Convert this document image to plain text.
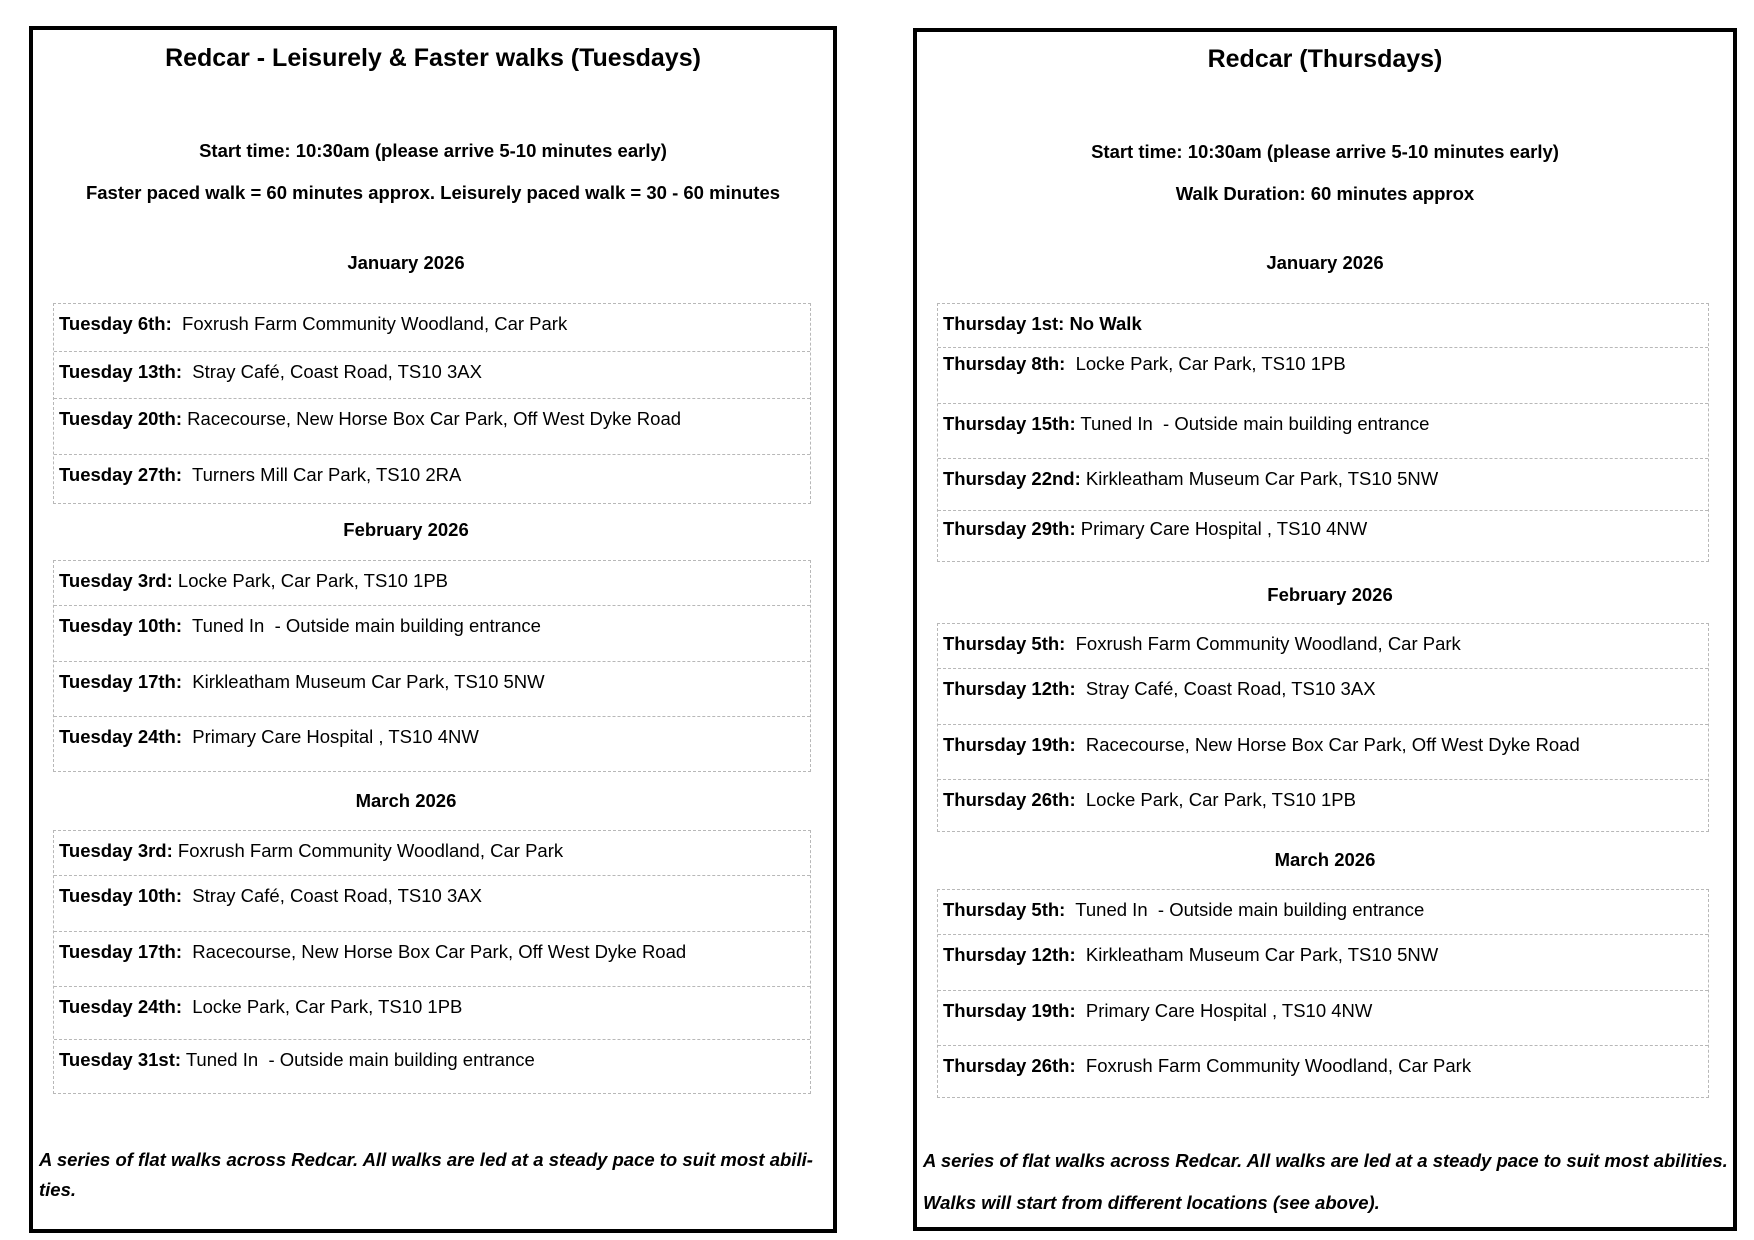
Redcar - Leisurely & Faster walks (Tuesdays)
Start time: 10:30am (please arrive 5-10 minutes early)
Faster paced walk = 60 minutes approx. Leisurely paced walk = 30 - 60 minutes
January 2026
Tuesday 6th:  Foxrush Farm Community Woodland, Car Park
Tuesday 13th:  Stray Café, Coast Road, TS10 3AX
Tuesday 20th: Racecourse, New Horse Box Car Park, Off West Dyke Road
Tuesday 27th:  Turners Mill Car Park, TS10 2RA
February 2026
Tuesday 3rd: Locke Park, Car Park, TS10 1PB
Tuesday 10th:  Tuned In  - Outside main building entrance
Tuesday 17th:  Kirkleatham Museum Car Park, TS10 5NW
Tuesday 24th:  Primary Care Hospital , TS10 4NW
March 2026
Tuesday 3rd: Foxrush Farm Community Woodland, Car Park
Tuesday 10th:  Stray Café, Coast Road, TS10 3AX
Tuesday 17th:  Racecourse, New Horse Box Car Park, Off West Dyke Road
Tuesday 24th:  Locke Park, Car Park, TS10 1PB
Tuesday 31st: Tuned In  - Outside main building entrance
A series of flat walks across Redcar. All walks are led at a steady pace to suit most abili-
ties.
Redcar (Thursdays)
Start time: 10:30am (please arrive 5-10 minutes early)
Walk Duration: 60 minutes approx
January 2026
Thursday 1st: No Walk
Thursday 8th:  Locke Park, Car Park, TS10 1PB
Thursday 15th: Tuned In  - Outside main building entrance
Thursday 22nd: Kirkleatham Museum Car Park, TS10 5NW
Thursday 29th: Primary Care Hospital , TS10 4NW
February 2026
Thursday 5th:  Foxrush Farm Community Woodland, Car Park
Thursday 12th:  Stray Café, Coast Road, TS10 3AX
Thursday 19th:  Racecourse, New Horse Box Car Park, Off West Dyke Road
Thursday 26th:  Locke Park, Car Park, TS10 1PB
March 2026
Thursday 5th:  Tuned In  - Outside main building entrance
Thursday 12th:  Kirkleatham Museum Car Park, TS10 5NW
Thursday 19th:  Primary Care Hospital , TS10 4NW
Thursday 26th:  Foxrush Farm Community Woodland, Car Park
A series of flat walks across Redcar. All walks are led at a steady pace to suit most abilities.
Walks will start from different locations (see above).
